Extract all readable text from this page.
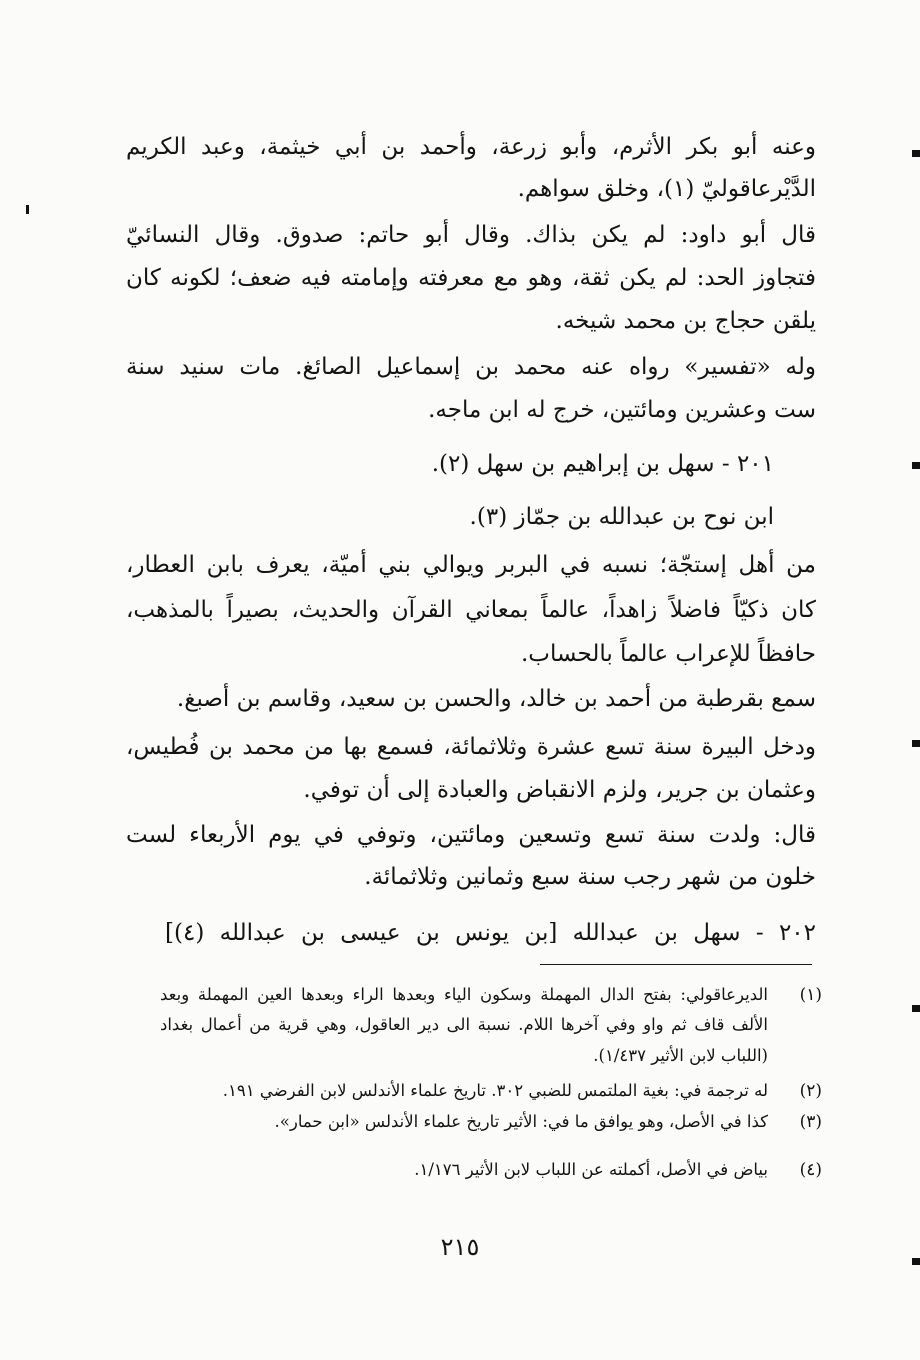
وعنه أبو بكر الأثرم، وأبو زرعة، وأحمد بن أبي خيثمة، وعبد الكريم
الدَّيْرعاقوليّ (١)، وخلق سواهم.
قال أبو داود: لم يكن بذاك. وقال أبو حاتم: صدوق. وقال النسائيّ
فتجاوز الحد: لم يكن ثقة، وهو مع معرفته وإمامته فيه ضعف؛ لكونه كان
يلقن حجاج بن محمد شيخه.
وله «تفسير» رواه عنه محمد بن إسماعيل الصائغ. مات سنيد سنة
ست وعشرين ومائتين، خرج له ابن ماجه.
٢٠١ - سهل بن إبراهيم بن سهل (٢).
ابن نوح بن عبدالله بن جمّاز (٣).
من أهل إستجّة؛ نسبه في البربر ويوالي بني أميّة، يعرف بابن العطار،
كان ذكيّاً فاضلاً زاهداً، عالماً بمعاني القرآن والحديث، بصيراً بالمذهب،
حافظاً للإعراب عالماً بالحساب.
سمع بقرطبة من أحمد بن خالد، والحسن بن سعيد، وقاسم بن أصبغ.
ودخل البيرة سنة تسع عشرة وثلاثمائة، فسمع بها من محمد بن فُطيس،
وعثمان بن جرير، ولزم الانقباض والعبادة إلى أن توفي.
قال: ولدت سنة تسع وتسعين ومائتين، وتوفي في يوم الأربعاء لست
خلون من شهر رجب سنة سبع وثمانين وثلاثمائة.
٢٠٢ - سهل بن عبدالله [بن يونس بن عيسى بن عبدالله (٤)]
(١)
الديرعاقولي: بفتح الدال المهملة وسكون الياء وبعدها الراء وبعدها العين المهملة وبعد
الألف قاف ثم واو وفي آخرها اللام. نسبة الى دير العاقول، وهي قرية من أعمال بغداد
(اللباب لابن الأثير ١/٤٣٧).
(٢)
له ترجمة في: بغية الملتمس للضبي ٣٠٢. تاريخ علماء الأندلس لابن الفرضي ١٩١.
(٣)
كذا في الأصل، وهو يوافق ما في: الأثير تاريخ علماء الأندلس «ابن حمار».
(٤)
بياض في الأصل، أكملته عن اللباب لابن الأثير ١/١٧٦.
٢١٥
